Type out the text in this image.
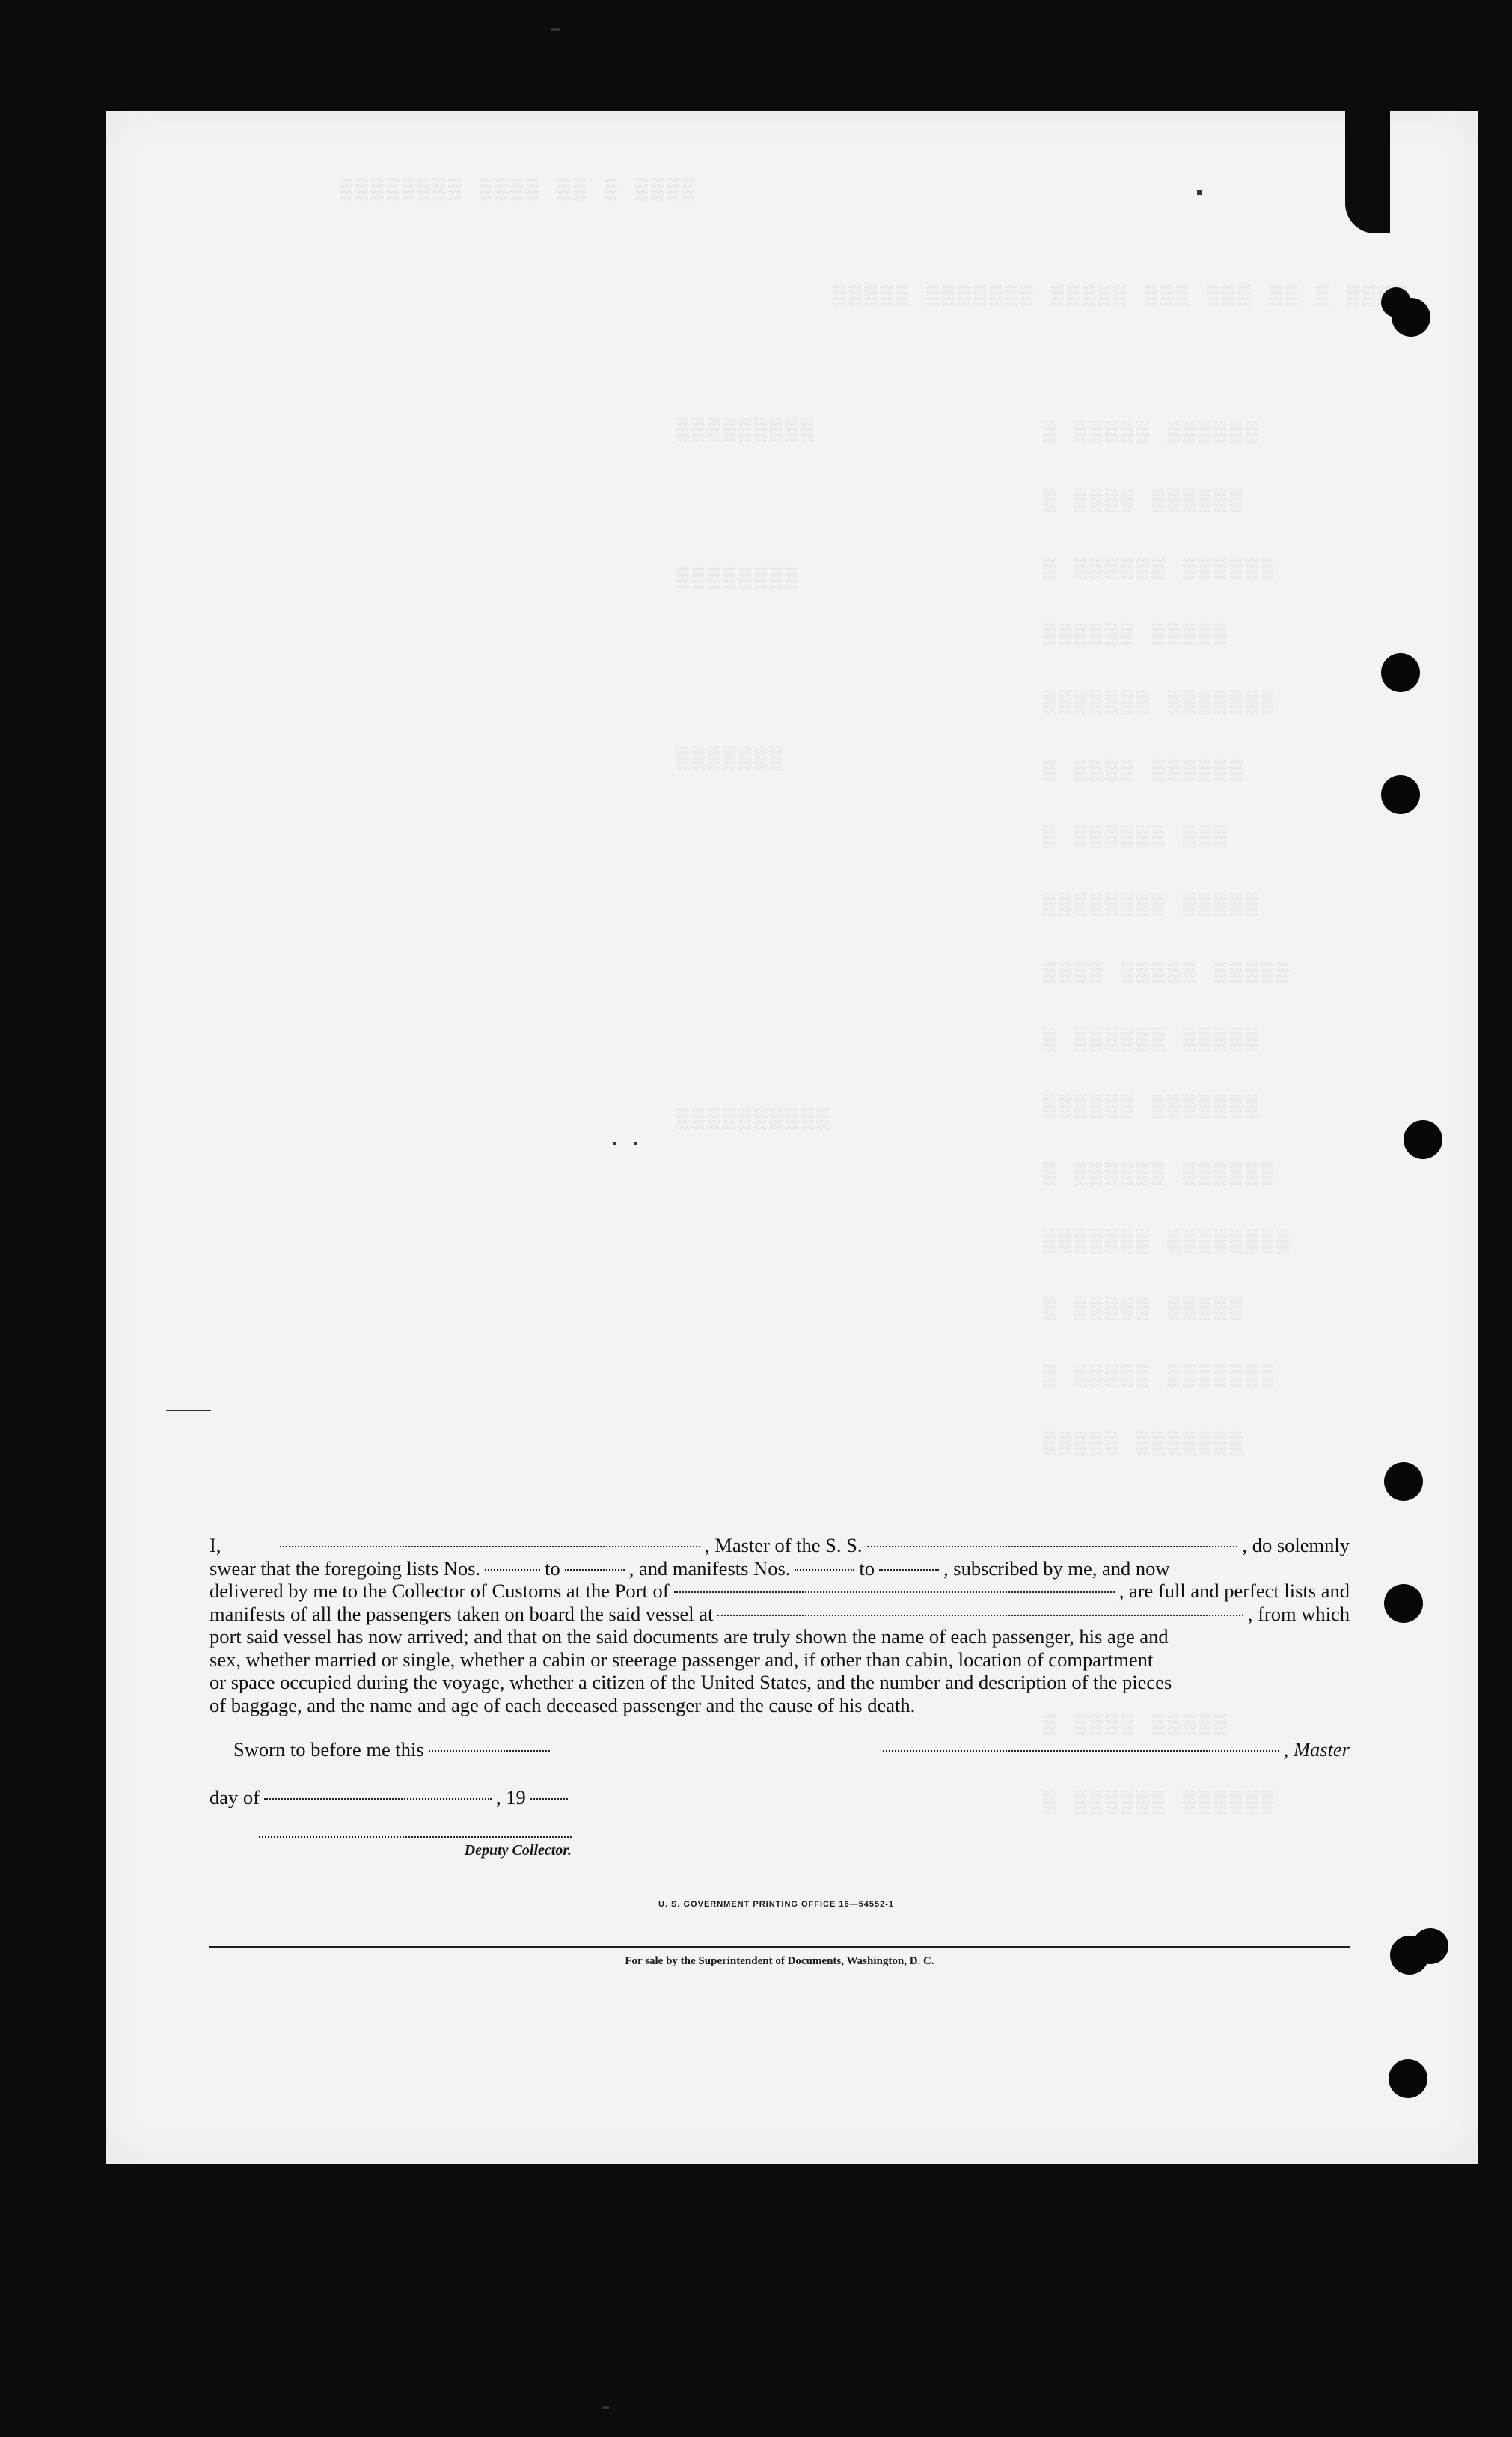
I,	, Master of the S. S.	, do solemnly
swear that the foregoing lists Nos.	to	, and manifests Nos.	to	, subscribed by me, and now
delivered by me to the Collector of Customs at the Port of	, are full and perfect lists and
manifests of all the passengers taken on board the said vessel at	, from which
port said vessel has now arrived; and that on the said documents are truly shown the name of each passenger, his age and
sex, whether married or single, whether a cabin or steerage passenger and, if other than cabin, location of compartment
or space occupied during the voyage, whether a citizen of the United States, and the number and description of the pieces
of baggage, and the name and age of each deceased passenger and the cause of his death.
Sworn to before me this	, Master
day of	, 19
Deputy Collector.
U. S. GOVERNMENT PRINTING OFFICE 16—54552-1
For sale by the Superintendent of Documents, Washington, D. C.
